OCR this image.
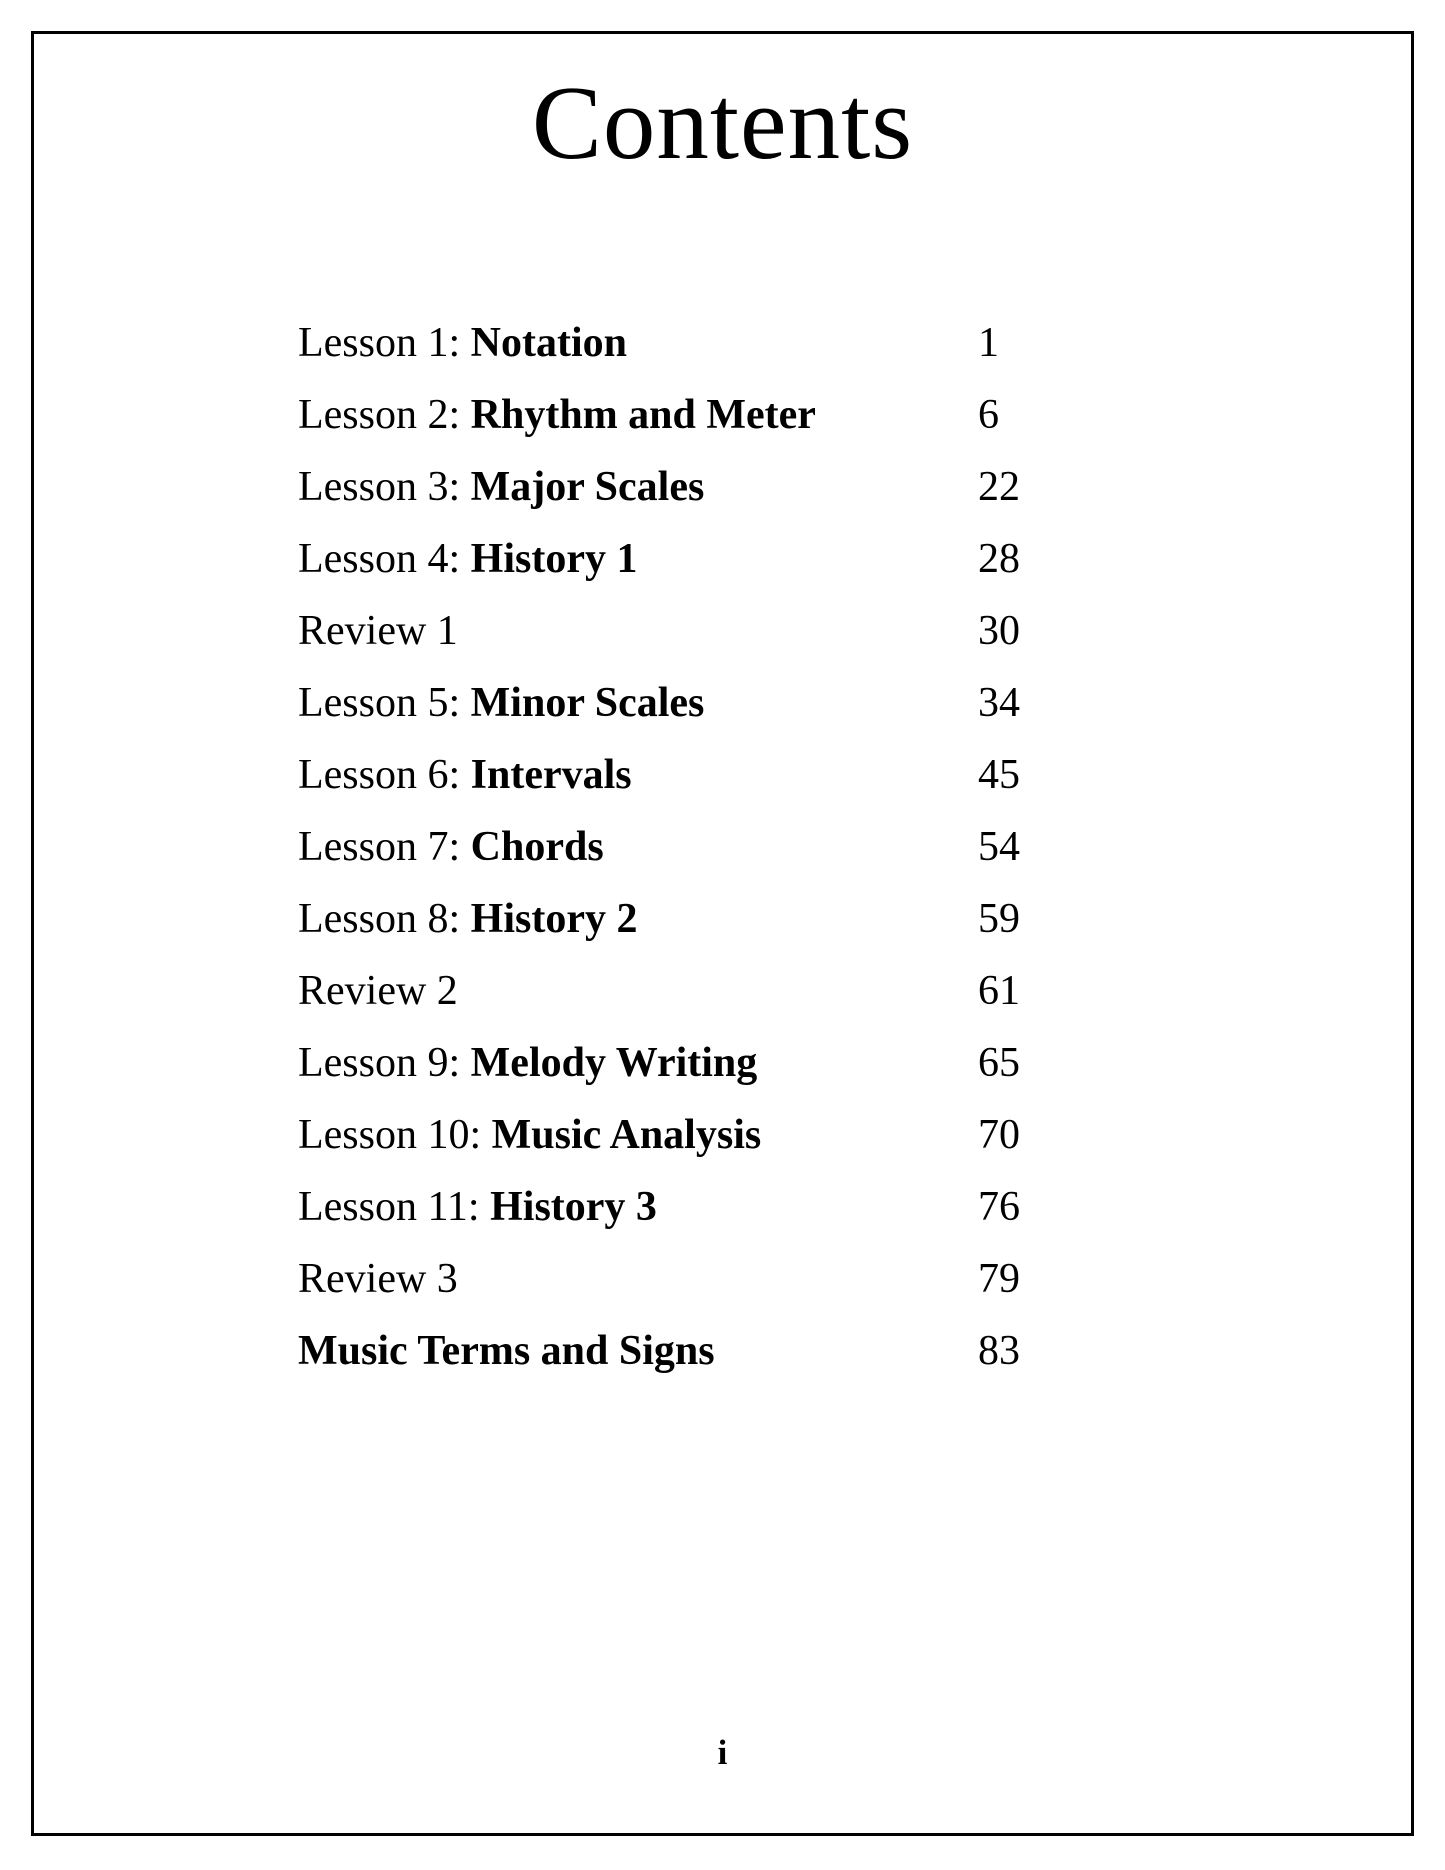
Contents
Lesson 1: Notation	1
Lesson 2: Rhythm and Meter	6
Lesson 3: Major Scales	22
Lesson 4: History 1	28
Review 1	30
Lesson 5: Minor Scales	34
Lesson 6: Intervals	45
Lesson 7: Chords	54
Lesson 8: History 2	59
Review 2	61
Lesson 9: Melody Writing	65
Lesson 10: Music Analysis	70
Lesson 11: History 3	76
Review 3	79
Music Terms and Signs	83
i
